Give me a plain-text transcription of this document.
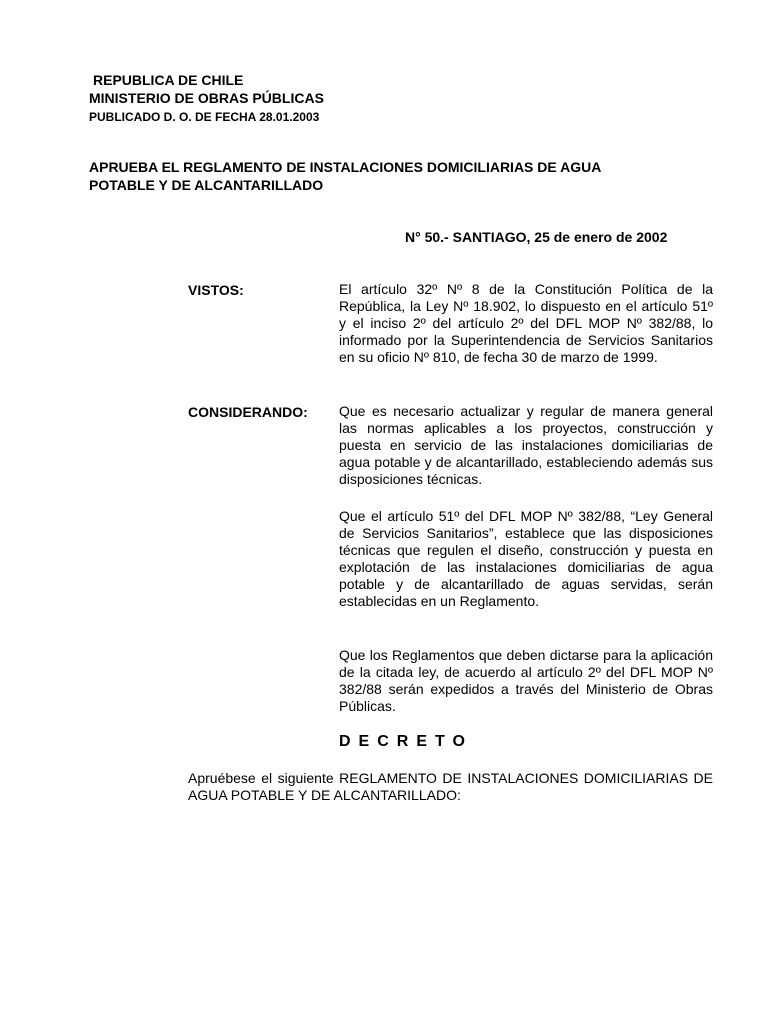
REPUBLICA DE CHILE
MINISTERIO DE OBRAS PÚBLICAS
PUBLICADO D. O. DE FECHA 28.01.2003
APRUEBA EL REGLAMENTO DE INSTALACIONES DOMICILIARIAS DE AGUA
POTABLE Y DE ALCANTARILLADO
N° 50.- SANTIAGO, 25 de enero de 2002
VISTOS:	El artículo 32º Nº 8 de la Constitución Política de la República, la Ley Nº 18.902, lo dispuesto en el artículo 51º y el inciso 2º del artículo 2º del DFL MOP Nº 382/88, lo informado por la Superintendencia de Servicios Sanitarios en su oficio Nº 810, de fecha 30 de marzo de 1999.
CONSIDERANDO: Que es necesario actualizar y regular de manera general las normas aplicables a los proyectos, construcción y puesta en servicio de las instalaciones domiciliarias de agua potable y de alcantarillado, estableciendo además sus disposiciones técnicas.
Que el artículo 51º del DFL MOP Nº 382/88, “Ley General de Servicios Sanitarios”, establece que las disposiciones técnicas que regulen el diseño, construcción y puesta en explotación de las instalaciones domiciliarias de agua potable y de alcantarillado de aguas servidas, serán establecidas en un Reglamento.
Que los Reglamentos que deben dictarse para la aplicación de la citada ley, de acuerdo al artículo 2º del DFL MOP Nº 382/88 serán expedidos a través del Ministerio de Obras Públicas.
DECRETO
Apruébese el siguiente REGLAMENTO DE INSTALACIONES DOMICILIARIAS DE AGUA POTABLE Y DE ALCANTARILLADO:
